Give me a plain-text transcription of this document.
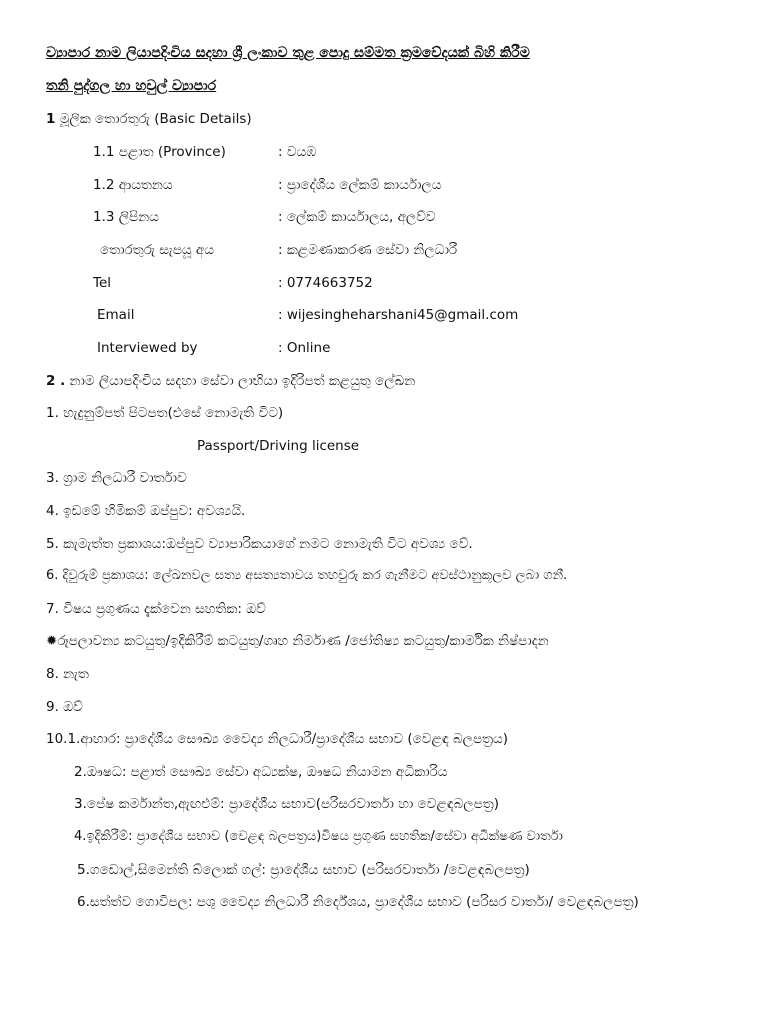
ව්‍යාපාර නාම ලියාපදිංචිය සදහා ශ්‍රී ලංකාව තුළ පොදු සම්මත ක්‍රමවේදයක් බිහි කිරීම
තනි පුද්ගල හා හවුල් ව්‍යාපාර
1 මූලික තොරතුරු (Basic Details)
1.1 පළාත (Province)	: වයඹ
1.2 ආයතනය	: ප්‍රාදේශීය ලේකම් කාර්යාලය
1.3 ලිපිනය	: ලේකම් කාර්යාලය, අලව්ව
තොරතුරු සැපයූ අය	: කළමණාකරණ සේවා නිලධාරී
Tel	: 0774663752
Email	: wijesingheharshani45@gmail.com
Interviewed by	: Online
2 . නාම ලියාපදිංචිය සදහා සේවා ලාභියා ඉදිරිපත් කළයුතු ලේඛන
1. හැදුනුම්පත් පිටපත(එසේ නොමැති විට)
Passport/Driving license
3. ග්‍රාම නිලධාරී වාර්තාව
4. ඉඩමේ හිමිකම් ඔප්පුව: අවශ්‍යයි.
5. කැමැත්ත ප්‍රකාශය:ඔප්පුව ව්‍යාපාරිකයාගේ නමට නොමැති විට අවශ්‍ය වේ.
6. දිවුරුම් ප්‍රකාශය: ලේඛනවල සත්‍ය අසත්‍යතාවය තහවුරු කර ගැනීමට අවස්ථානුකූලව ලබා ගනී.
7. විෂය ප්‍රගුණය දැක්වෙන සහතික: ඔව්
✹රූපලාවන්‍ය කටයුතු/ඉදිකිරීම් කටයුතු/ගෘහ නිර්මාණ /ජෝතිෂ්‍ය කටයුතු/කාර්මික නිෂ්පාදන
8. නැත
9. ඔව්
10.1.ආහාර: ප්‍රාදේශීය සෞඛ්‍ය වෛද්‍ය නිලධාරී/ප්‍රාදේශීය සභාව (වෙළඳ බලපත්‍රය)
2.ඖෂධ: පළාත් සෞඛ්‍ය සේවා අධ්‍යක්ෂ, ඖෂධ නියාමන අධිකාරිය
3.පේෂ කර්මාන්ත,ඇඟළුම්: ප්‍රාදේශීය සභාව(පරිසරවාර්තා හා වෙළඳබලපත්‍ර)
4.ඉදිකිරීම්: ප්‍රාදේශීය සභාව (වෙළඳ බලපත්‍රය)විෂය ප්‍රගුණ සහතික/සේවා අධීක්ෂණ වාර්තා
5.ගඩොල්,සිමෙන්ති බ්ලොක් ගල්: ප්‍රාදේශීය සභාව (පරිසරවාර්තා /වෙළඳබලපත්‍ර)
6.සත්ත්ව ගොවිපල: පශු වෛද්‍ය නිලධාරී නිර්දේශය, ප්‍රාදේශීය සභාව (පරිසර වාර්තා/ වෙළඳබලපත්‍ර)
